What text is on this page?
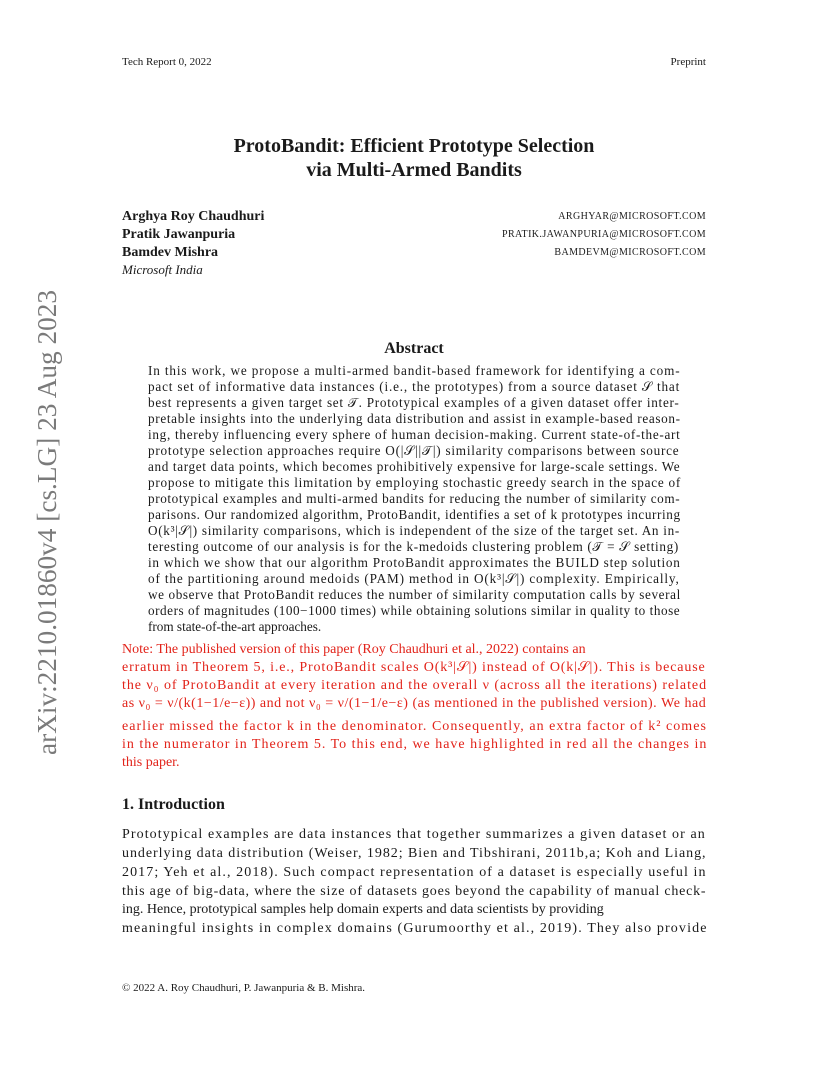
Tech Report 0, 2022	Preprint
arXiv:2210.01860v4 [cs.LG] 23 Aug 2023
ProtoBandit: Efficient Prototype Selection
via Multi-Armed Bandits
Arghya Roy Chaudhuri	ARGHYAR@MICROSOFT.COM
Pratik Jawanpuria	PRATIK.JAWANPURIA@MICROSOFT.COM
Bamdev Mishra	BAMDEVM@MICROSOFT.COM
Microsoft India
Abstract
In this work, we propose a multi-armed bandit-based framework for identifying a com-
pact set of informative data instances (i.e., the prototypes) from a source dataset 𝒮 that
best represents a given target set 𝒯. Prototypical examples of a given dataset offer inter-
pretable insights into the underlying data distribution and assist in example-based reason-
ing, thereby influencing every sphere of human decision-making. Current state-of-the-art
prototype selection approaches require O(|𝒮||𝒯|) similarity comparisons between source
and target data points, which becomes prohibitively expensive for large-scale settings. We
propose to mitigate this limitation by employing stochastic greedy search in the space of
prototypical examples and multi-armed bandits for reducing the number of similarity com-
parisons. Our randomized algorithm, ProtoBandit, identifies a set of k prototypes incurring
O(k³|𝒮|) similarity comparisons, which is independent of the size of the target set. An in-
teresting outcome of our analysis is for the k-medoids clustering problem (𝒯 = 𝒮 setting)
in which we show that our algorithm ProtoBandit approximates the BUILD step solution
of the partitioning around medoids (PAM) method in O(k³|𝒮|) complexity. Empirically,
we observe that ProtoBandit reduces the number of similarity computation calls by several
orders of magnitudes (100−1000 times) while obtaining solutions similar in quality to those
from state-of-the-art approaches.
Note: The published version of this paper (Roy Chaudhuri et al., 2022) contains an
erratum in Theorem 5, i.e., ProtoBandit scales O(k³|𝒮|) instead of O(k|𝒮|). This is because
the ν₀ of ProtoBandit at every iteration and the overall ν (across all the iterations) related
as ν₀ = ν/(k(1−1/e−ε)) and not ν₀ = ν/(1−1/e−ε) (as mentioned in the published version). We had
earlier missed the factor k in the denominator. Consequently, an extra factor of k² comes
in the numerator in Theorem 5. To this end, we have highlighted in red all the changes in
this paper.
1. Introduction
Prototypical examples are data instances that together summarizes a given dataset or an
underlying data distribution (Weiser, 1982; Bien and Tibshirani, 2011b,a; Koh and Liang,
2017; Yeh et al., 2018). Such compact representation of a dataset is especially useful in
this age of big-data, where the size of datasets goes beyond the capability of manual check-
ing. Hence, prototypical samples help domain experts and data scientists by providing
meaningful insights in complex domains (Gurumoorthy et al., 2019). They also provide
© 2022 A. Roy Chaudhuri, P. Jawanpuria & B. Mishra.
